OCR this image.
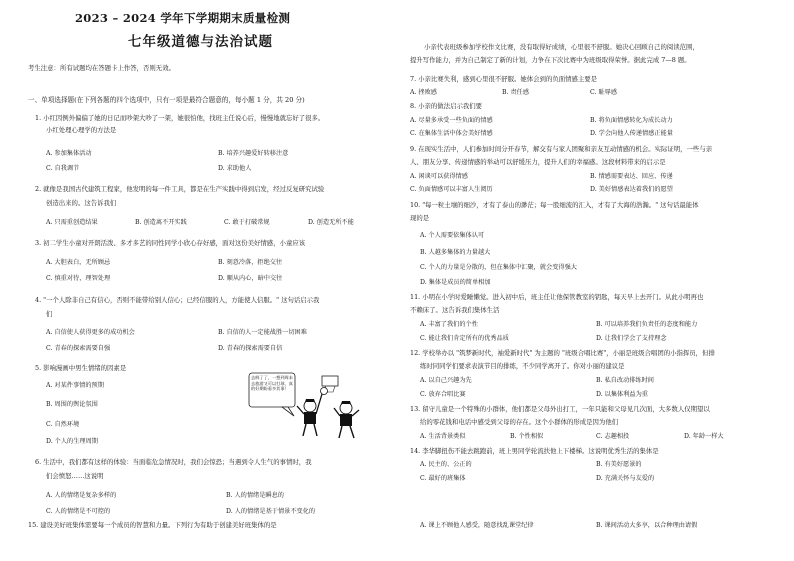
2023 – 2024 学年下学期期末质量检测
七年级道德与法治试题
考生注意：所有试题均在答题卡上作答，否则无效。
一、单项选择题(在下列各题的四个选项中，只有一项是最符合题意的，每小题 1 分，共 20 分)
1. 小红因例外偏偏了她的日记而吵架大吵了一架，她很怕他，找班主任说心后，慢慢地就忘好了很多。
小红处理心理学的方法是
A. 参加集体活动	B. 培养兴趣爱好转移注意
C. 自我调节	D. 求助他人
2. 就像是我国古代建筑工程家，他发明的每一件工具，都是在生产实践中得到启发，经过反复研究试验
创造出来的。这告诉我们
A. 只需重创造结果	B. 创造离不开实践	C. 敢于打破常规	D. 创造无所不能
3. 初二学生小童对开朗活泼、多才多艺的同性同学小欣心存好感，面对这份美好情感，小童应该
A. 大胆表白，无所顾忌	B. 刻意冷落，拒绝交往
C. 慎重对待，理智处理	D. 顺从内心，暗中交往
4. "一个人除非自己有信心，否则不能带给别人信心；已经信服的人，方能使人信服。" 这句话启示我
们
A. 自信使人获得更多的成功机会	B. 自信的人一定能战胜一切困难
C. 青春的探索需要自强	D. 青春的探索需要自信
5. 影响漫画中男生情绪的因素是
A. 对某件事情的预期
B. 周围的舆论氛围
C. 自然环境
D. 个人的生理周期
去鲜了了，一想到周末去旅游又可以打球，真的好期盼看多其事！
6. 生活中，我们都有这样的体验：当面临危急情况时，我们会惊恐；当遇到令人生气的事情时，我
们会愤怒……这说明
A. 人的情绪是复杂多样的	B. 人的情绪是瞬息的
C. 人的情绪是不可控的	D. 人的情绪是基于情景不变化的
15. 建设美好班集体需要每一个成员的智慧和力量。下列行为有助于创建美好班集体的是
小亲代表班级参加学校作文比赛，没有取得好成绩，心里很不舒服。她决心回顾自己的阅读范围，
提升写作能力，并为自己制定了新的计划，力争在下次比赛中为班级取得荣誉。据此完成 7—8 题。
7. 小亲比赛失利，感到心里很不舒服。她体会到的负面情感主要是
A. 挫败感	B. 责任感	C. 耻辱感
8. 小亲的做法启示我们要
A. 尽量多承受一些负面的情感	B. 将负面情感转化为成长动力
C. 在集体生活中体会美好情感	D. 学会向他人传递情感正能量
9. 在现实生活中，人们参加时间分开春节，解交有与家人团聚和亲友互动情感的机会。实际证明，一些与亲
人、朋友分享、传递情感的举动可以舒缓压力，提升人们的幸福感。这段材料带来的启示是
A. 闲谈可以获得情感	B. 情感需要表达、回应、传递
C. 负面情感可以丰富人生阅历	D. 美好情感表达着我们的愿望
10. "每一粒土壤的细沙，才有了泰山的渺茫；每一股细流的汇入，才有了大海的浩瀚。" 这句话最能体
现的是
A. 个人需要依集体认可
B. 人越多集体的力量越大
C. 个人的力量是分散的，但在集体中汇聚，就会变得强大
D. 集体是成员的简单相加
11. 小明在小学时爱睡懒觉。进入初中后，班主任让他保管教室的钥匙，每天早上去开门。从此小明再也
不赖床了。这告诉我们集体生活
A. 丰富了我们的个性	B. 可以培养我们负责任的态度和能力
C. 能让我们肯定所有的优秀品质	D. 让我们学会了支持理念
12. 学校举办以 "筑梦新时代，袖爱新时代" 为主题的 "班级合唱比赛"，小丽是班级合唱团的小指挥员，但排
练时同同学们要求表演节目的排练，不少同学离开了。你对小丽的建议是
A. 以自己兴趣为先	B. 私自改动排练时间
C. 放弃合唱比赛	D. 以集体利益为重
13. 留守儿童是一个特殊的小群体，他们都是父母外出打工，一年只能和父母见几次面，大多数人仅期望以
给的零花钱和电话中感受到父母的存在。这个小群体的形成是因为他们
A. 生活背景类似	B. 个性相似	C. 志趣相投	D. 年龄一样大
14. 李华脚扭伤不能去跳跑前，班上男同学轮流扶他上下楼梯。这说明优秀生活的集体是
A. 民主的、公正的	B. 有美好愿景的
C. 最好的班集体	D. 充满关怀与友爱的
A. 课上不顾他人感受，随意找乱课堂纪律	B. 课间活动大多享，以合种理由请假
